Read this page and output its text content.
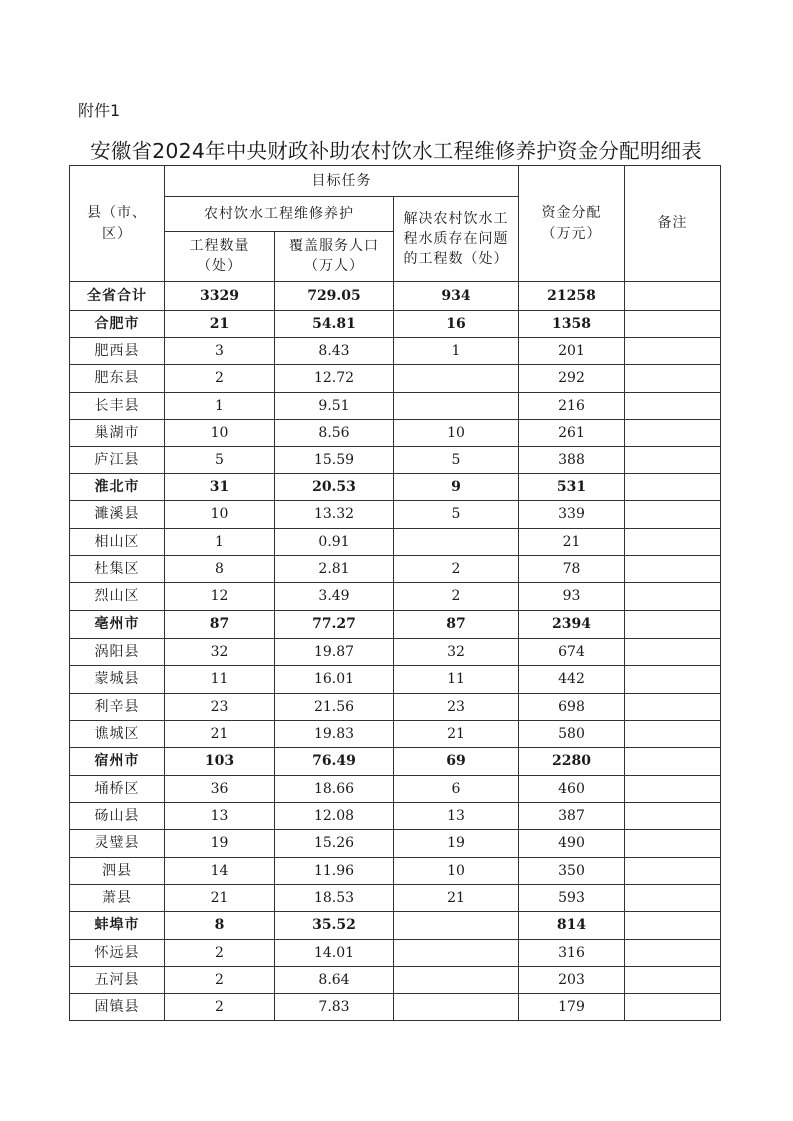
附件1
安徽省2024年中央财政补助农村饮水工程维修养护资金分配明细表
县（市、区）	目标任务			资金分配（万元）	备注
	农村饮水工程维修养护		解决农村饮水工程水质存在问题的工程数（处）		

	工程数量（处）	覆盖服务人口（万人）			

全省合计	3329	729.05	934	21258	
合肥市	21	54.81	16	1358	
肥西县	3	8.43	1	201	
肥东县	2	12.72		292	
长丰县	1	9.51		216	
巢湖市	10	8.56	10	261	
庐江县	5	15.59	5	388	
淮北市	31	20.53	9	531	
濉溪县	10	13.32	5	339	
相山区	1	0.91		21	
杜集区	8	2.81	2	78	
烈山区	12	3.49	2	93	
亳州市	87	77.27	87	2394	
涡阳县	32	19.87	32	674	
蒙城县	11	16.01	11	442	
利辛县	23	21.56	23	698	
谯城区	21	19.83	21	580	
宿州市	103	76.49	69	2280	
埇桥区	36	18.66	6	460	
砀山县	13	12.08	13	387	
灵璧县	19	15.26	19	490	
泗县	14	11.96	10	350	
萧县	21	18.53	21	593	
蚌埠市	8	35.52		814	
怀远县	2	14.01		316	
五河县	2	8.64		203	
固镇县	2	7.83		179	
